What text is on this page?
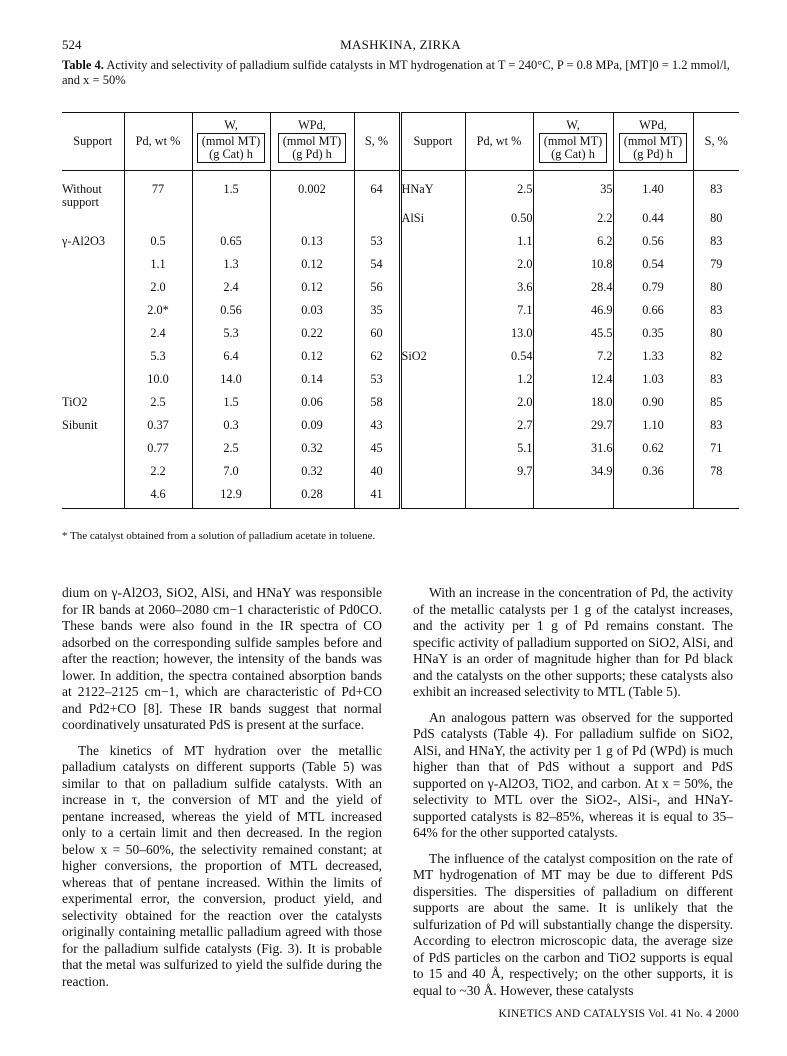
524	MASHKINA, ZIRKA
Table 4. Activity and selectivity of palladium sulfide catalysts in MT hydrogenation at T = 240°C, P = 0.8 MPa, [MT]0 = 1.2 mmol/l, and x = 50%
Support	Pd, wt %	W,
(mmol MT)
(g Cat) h	WPd,
(mmol MT)
(g Pd) h	S, %	Support	Pd, wt %	W,
(mmol MT)
(g Cat) h	WPd,
(mmol MT)
(g Pd) h	S, %
Without support	77	1.5	0.002	64	HNaY	2.5	35	1.40	83
					AlSi	0.50	2.2	0.44	80
γ-Al2O3	0.5	0.65	0.13	53		1.1	6.2	0.56	83
	1.1	1.3	0.12	54		2.0	10.8	0.54	79
	2.0	2.4	0.12	56		3.6	28.4	0.79	80
	2.0*	0.56	0.03	35		7.1	46.9	0.66	83
	2.4	5.3	0.22	60		13.0	45.5	0.35	80
	5.3	6.4	0.12	62	SiO2	0.54	7.2	1.33	82
	10.0	14.0	0.14	53		1.2	12.4	1.03	83
TiO2	2.5	1.5	0.06	58		2.0	18.0	0.90	85
Sibunit	0.37	0.3	0.09	43		2.7	29.7	1.10	83
	0.77	2.5	0.32	45		5.1	31.6	0.62	71
	2.2	7.0	0.32	40		9.7	34.9	0.36	78
	4.6	12.9	0.28	41					
* The catalyst obtained from a solution of palladium acetate in toluene.

dium on γ-Al2O3, SiO2, AlSi, and HNaY was responsible for IR bands at 2060–2080 cm−1 characteristic of Pd0CO. These bands were also found in the IR spectra of CO adsorbed on the corresponding sulfide samples before and after the reaction; however, the intensity of the bands was lower. In addition, the spectra contained absorption bands at 2122–2125 cm−1, which are characteristic of Pd+CO and Pd2+CO [8]. These IR bands suggest that normal coordinatively unsaturated PdS is present at the surface.

The kinetics of MT hydration over the metallic palladium catalysts on different supports (Table 5) was similar to that on palladium sulfide catalysts. With an increase in τ, the conversion of MT and the yield of pentane increased, whereas the yield of MTL increased only to a certain limit and then decreased. In the region below x = 50–60%, the selectivity remained constant; at higher conversions, the proportion of MTL decreased, whereas that of pentane increased. Within the limits of experimental error, the conversion, product yield, and selectivity obtained for the reaction over the catalysts originally containing metallic palladium agreed with those for the palladium sulfide catalysts (Fig. 3). It is probable that the metal was sulfurized to yield the sulfide during the reaction.

With an increase in the concentration of Pd, the activity of the metallic catalysts per 1 g of the catalyst increases, and the activity per 1 g of Pd remains constant. The specific activity of palladium supported on SiO2, AlSi, and HNaY is an order of magnitude higher than for Pd black and the catalysts on the other supports; these catalysts also exhibit an increased selectivity to MTL (Table 5).

An analogous pattern was observed for the supported PdS catalysts (Table 4). For palladium sulfide on SiO2, AlSi, and HNaY, the activity per 1 g of Pd (WPd) is much higher than that of PdS without a support and PdS supported on γ-Al2O3, TiO2, and carbon. At x = 50%, the selectivity to MTL over the SiO2-, AlSi-, and HNaY-supported catalysts is 82–85%, whereas it is equal to 35–64% for the other supported catalysts.

The influence of the catalyst composition on the rate of MT hydrogenation of MT may be due to different PdS dispersities. The dispersities of palladium on different supports are about the same. It is unlikely that the sulfurization of Pd will substantially change the dispersity. According to electron microscopic data, the average size of PdS particles on the carbon and TiO2 supports is equal to 15 and 40 Å, respectively; on the other supports, it is equal to ~30 Å. However, these catalysts

KINETICS AND CATALYSIS Vol. 41 No. 4 2000
